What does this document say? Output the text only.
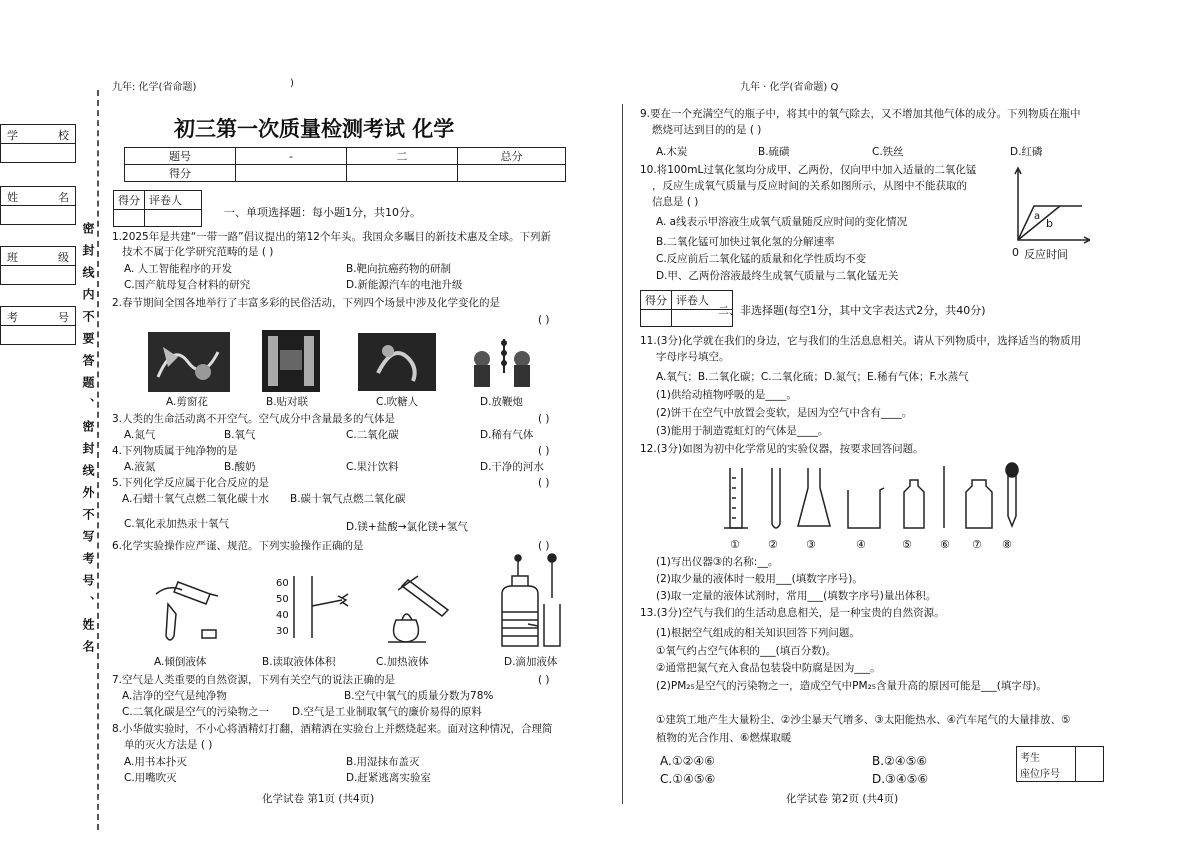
学	校
姓	名
班	级
考	号 密封线内不要答题、密封线外不写考号、姓名
九年: 化学(省命题)	)
初三第一次质量检测考试 化学
题号	-	二	总分
得分			
得分	评卷人

一、单项选择题：每小题1分，共10分。
1.2025年是共建“一带一路”倡议提出的第12个年头。我国众多瞩目的新技术惠及全球。下列新
技术不属于化学研究范畴的是 ( )
A. 人工智能程序的开发	B.靶向抗癌药物的研制
C.国产航母复合材料的研究	D.新能源汽车的电池升级
2.春节期间全国各地举行了丰富多彩的民俗活动，下列四个场景中涉及化学变化的是
( )
A.剪窗花	B.贴对联	C.吹糖人	D.放鞭炮
3.人类的生命活动离不开空气。空气成分中含量最多的气体是	( )
A.氮气	B.氧气	C.二氧化碳	D.稀有气体
4.下列物质属于纯净物的是	( )
A.液氮	B.酸奶	C.果汁饮料	D.干净的河水
5.下列化学反应属于化合反应的是	( )
A.石蜡十氧气点燃二氧化碳十水 B.碳十氧气点燃二氧化碳
C.氧化汞加热汞十氧气	D.镁+盐酸→氯化镁+氢气
6.化学实验操作应严谨、规范。下列实验操作正确的是	( )
60
50
40
30
A.倾倒液体	B.读取液体体积	C.加热液体	D.滴加液体
7.空气是人类重要的自然资源，下列有关空气的说法正确的是	( )
A.洁净的空气是纯净物	B.空气中氧气的质量分数为78%
C.二氧化碳是空气的污染物之一 D.空气是工业制取氧气的廉价易得的原料
8.小华做实验时，不小心将酒精灯打翻，酒精洒在实验台上并燃烧起来。面对这种情况，合理简
单的灭火方法是 ( )
A.用书本扑灭	B.用湿抹布盖灭
C.用嘴吹灭	D.赶紧逃离实验室
化学试卷 第1页 (共4页)
九年 · 化学(省命题) Q
9.要在一个充满空气的瓶子中，将其中的氧气除去，又不增加其他气体的成分。下列物质在瓶中
燃烧可达到目的的是 ( )
A.木炭	B.硫磺	C.铁丝	D.红磷
10.将100mL过氧化氢均分成甲、乙两份，仅向甲中加入适量的二氧化锰
，反应生成氧气质量与反应时间的关系如图所示，从图中不能获取的
信息是 ( )
A. a线表示甲溶液生成氧气质量随反应时间的变化情况
B.二氧化锰可加快过氧化氢的分解速率
C.反应前后二氧化锰的质量和化学性质均不变
D.甲、乙两份溶液最终生成氧气质量与二氧化锰无关
a
b
0 反应时间
得分	评卷人

二、非选择题(每空1分，其中文字表达式2分，共40分)
11.(3分)化学就在我们的身边，它与我们的生活息息相关。请从下列物质中，选择适当的物质用
字母序号填空。
A.氧气；B.二氧化碳；C.二氧化硫；D.氮气；E.稀有气体；F.水蒸气
(1)供给动植物呼吸的是____。
(2)饼干在空气中放置会变软，是因为空气中含有____。
(3)能用于制造霓虹灯的气体是____。
12.(3分)如图为初中化学常见的实验仪器，按要求回答问题。
①	②	③	④	⑤	⑥ ⑦ ⑧
(1)写出仪器③的名称:__。
(2)取少量的液体时一般用___(填数字序号)。
(3)取一定量的液体试剂时，常用___(填数字序号)量出体积。
13.(3分)空气与我们的生活动息息相关，是一种宝贵的自然资源。
(1)根据空气组成的相关知识回答下列问题。
①氧气约占空气体积的___(填百分数)。
②通常把氮气充入食品包装袋中防腐是因为___。
(2)PM₂₅是空气的污染物之一，造成空气中PM₂₅含量升高的原因可能是___(填字母)。
①建筑工地产生大量粉尘、②沙尘暴天气增多、③太阳能热水、④汽车尾气的大量排放、⑤
植物的光合作用、⑥燃煤取暖
A.①②④⑥	B.②④⑤⑥
C.①④⑤⑥	D.③④⑤⑥
考生
座位序号
化学试卷 第2页 (共4页)
